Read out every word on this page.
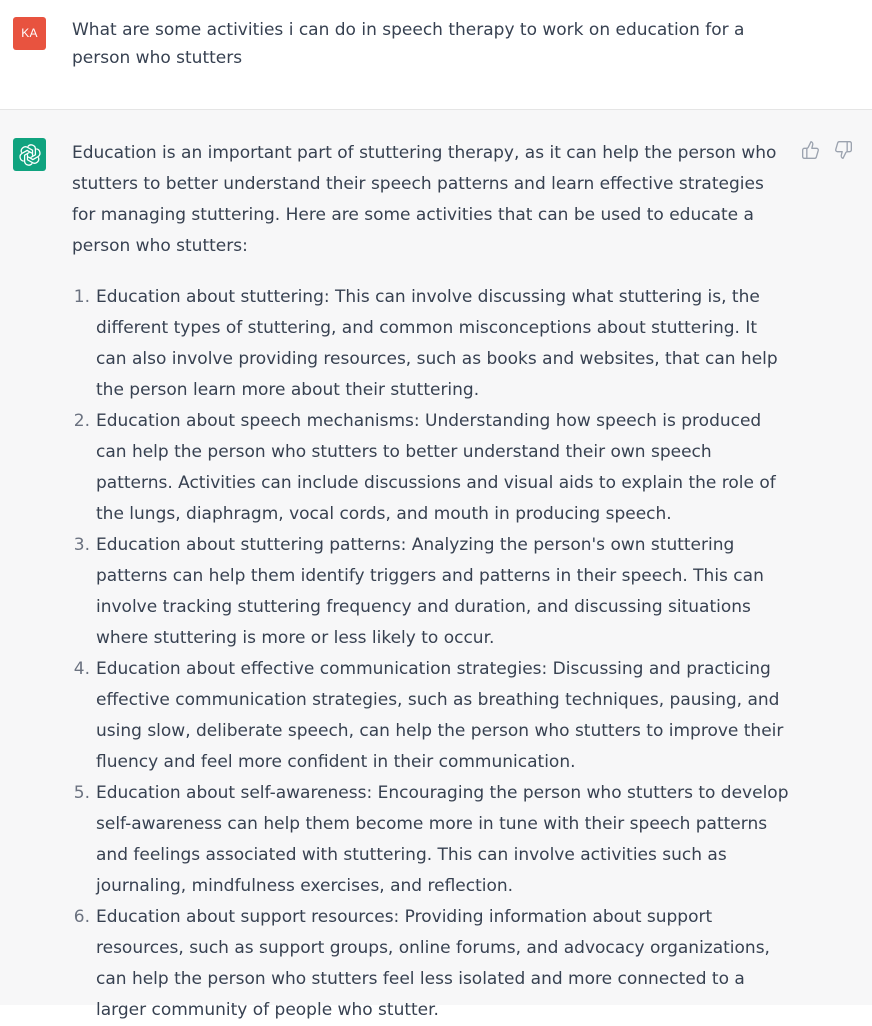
KA	What are some activities i can do in speech therapy to work on education for a person who stutters

Education is an important part of stuttering therapy, as it can help the person who stutters to better understand their speech patterns and learn effective strategies for managing stuttering. Here are some activities that can be used to educate a person who stutters:

1. Education about stuttering: This can involve discussing what stuttering is, the different types of stuttering, and common misconceptions about stuttering. It can also involve providing resources, such as books and websites, that can help the person learn more about their stuttering.
2. Education about speech mechanisms: Understanding how speech is produced can help the person who stutters to better understand their own speech patterns. Activities can include discussions and visual aids to explain the role of the lungs, diaphragm, vocal cords, and mouth in producing speech.
3. Education about stuttering patterns: Analyzing the person's own stuttering patterns can help them identify triggers and patterns in their speech. This can involve tracking stuttering frequency and duration, and discussing situations where stuttering is more or less likely to occur.
4. Education about effective communication strategies: Discussing and practicing effective communication strategies, such as breathing techniques, pausing, and using slow, deliberate speech, can help the person who stutters to improve their fluency and feel more confident in their communication.
5. Education about self-awareness: Encouraging the person who stutters to develop self-awareness can help them become more in tune with their speech patterns and feelings associated with stuttering. This can involve activities such as journaling, mindfulness exercises, and reflection.
6. Education about support resources: Providing information about support resources, such as support groups, online forums, and advocacy organizations, can help the person who stutters feel less isolated and more connected to a larger community of people who stutter.
